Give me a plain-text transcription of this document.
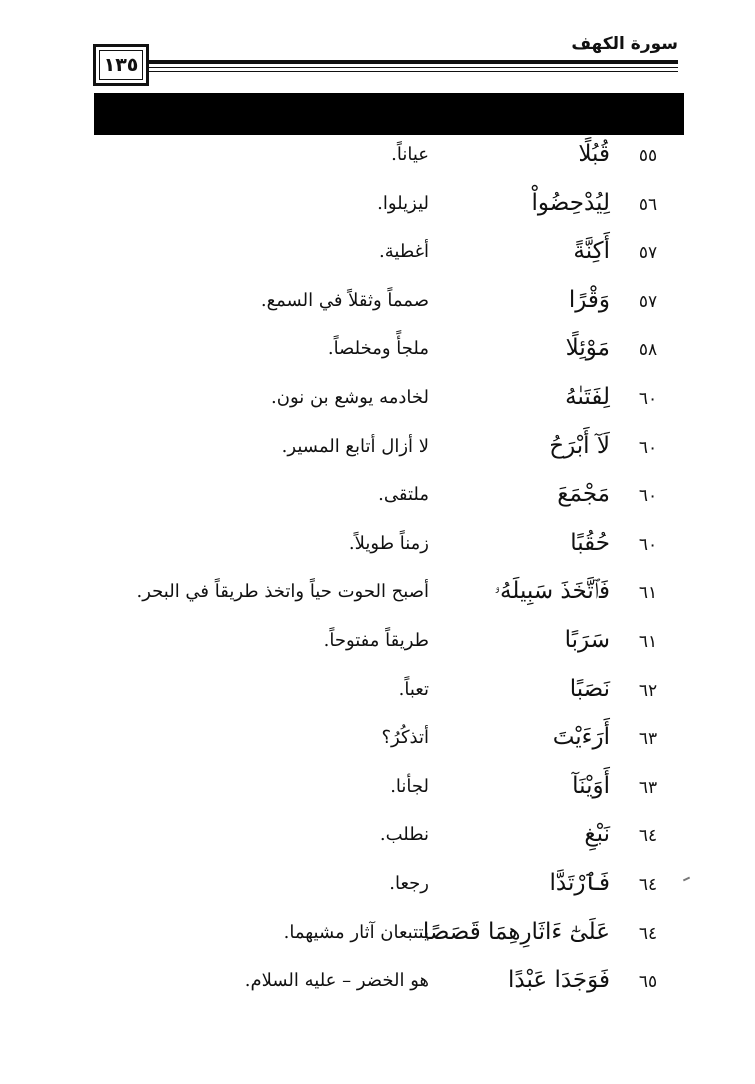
١٣٥
سورة الكهف
٥٥
قُبُلًا
عياناً.
٥٦
لِيُدْحِضُواْ
ليزيلوا.
٥٧
أَكِنَّةً
أغطية.
٥٧
وَقْرًا
صمماً وثقلاً في السمع.
٥٨
مَوْئِلًا
ملجأً ومخلصاً.
٦٠
لِفَتَىٰهُ
لخادمه يوشع بن نون.
٦٠
لَآ أَبْرَحُ
لا أزال أتابع المسير.
٦٠
مَجْمَعَ
ملتقى.
٦٠
حُقُبًا
زمناً طويلاً.
٦١
فَٱتَّخَذَ سَبِيلَهُۥ
أصبح الحوت حياً واتخذ طريقاً في البحر.
٦١
سَرَبًا
طريقاً مفتوحاً.
٦٢
نَصَبًا
تعباً.
٦٣
أَرَءَيْتَ
أتذكُرُ؟
٦٣
أَوَيْنَآ
لجأنا.
٦٤
نَبْغِ
نطلب.
٦٤
فَٱرْتَدَّا
رجعا.
٦٤
عَلَىٰٓ ءَاثَارِهِمَا قَصَصًا
يتتبعان آثار مشيهما.
٦٥
فَوَجَدَا عَبْدًا
هو الخضر – عليه السلام.
